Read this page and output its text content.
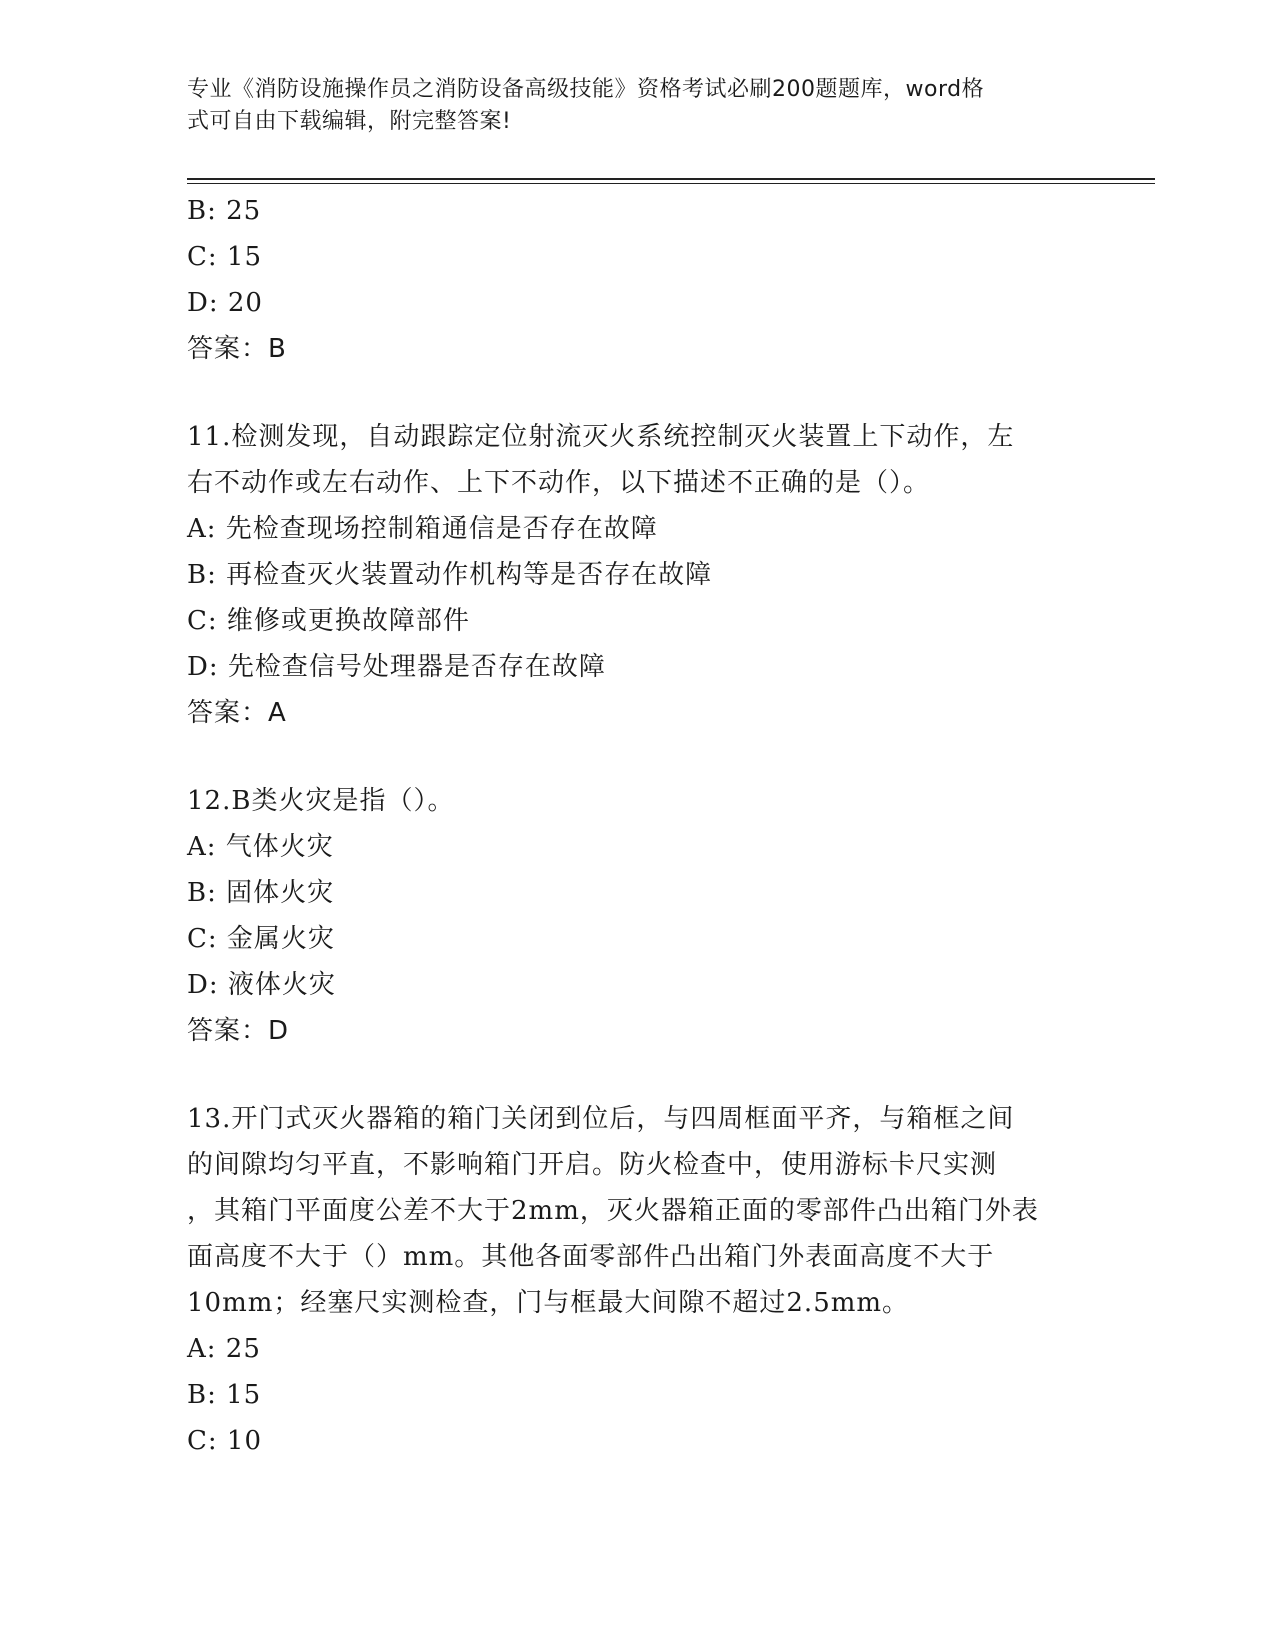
专业《消防设施操作员之消防设备高级技能》资格考试必刷200题题库，word格
式可自由下载编辑，附完整答案!
B: 25
C: 15
D: 20
答案：B
11.检测发现，自动跟踪定位射流灭火系统控制灭火装置上下动作，左
右不动作或左右动作、上下不动作，以下描述不正确的是（）。
A: 先检查现场控制箱通信是否存在故障
B: 再检查灭火装置动作机构等是否存在故障
C: 维修或更换故障部件
D: 先检查信号处理器是否存在故障
答案：A
12.B类火灾是指（）。
A: 气体火灾
B: 固体火灾
C: 金属火灾
D: 液体火灾
答案：D
13.开门式灭火器箱的箱门关闭到位后，与四周框面平齐，与箱框之间
的间隙均匀平直，不影响箱门开启。防火检查中，使用游标卡尺实测
，其箱门平面度公差不大于2mm，灭火器箱正面的零部件凸出箱门外表
面高度不大于（）mm。其他各面零部件凸出箱门外表面高度不大于
10mm；经塞尺实测检查，门与框最大间隙不超过2.5mm。
A: 25
B: 15
C: 10
